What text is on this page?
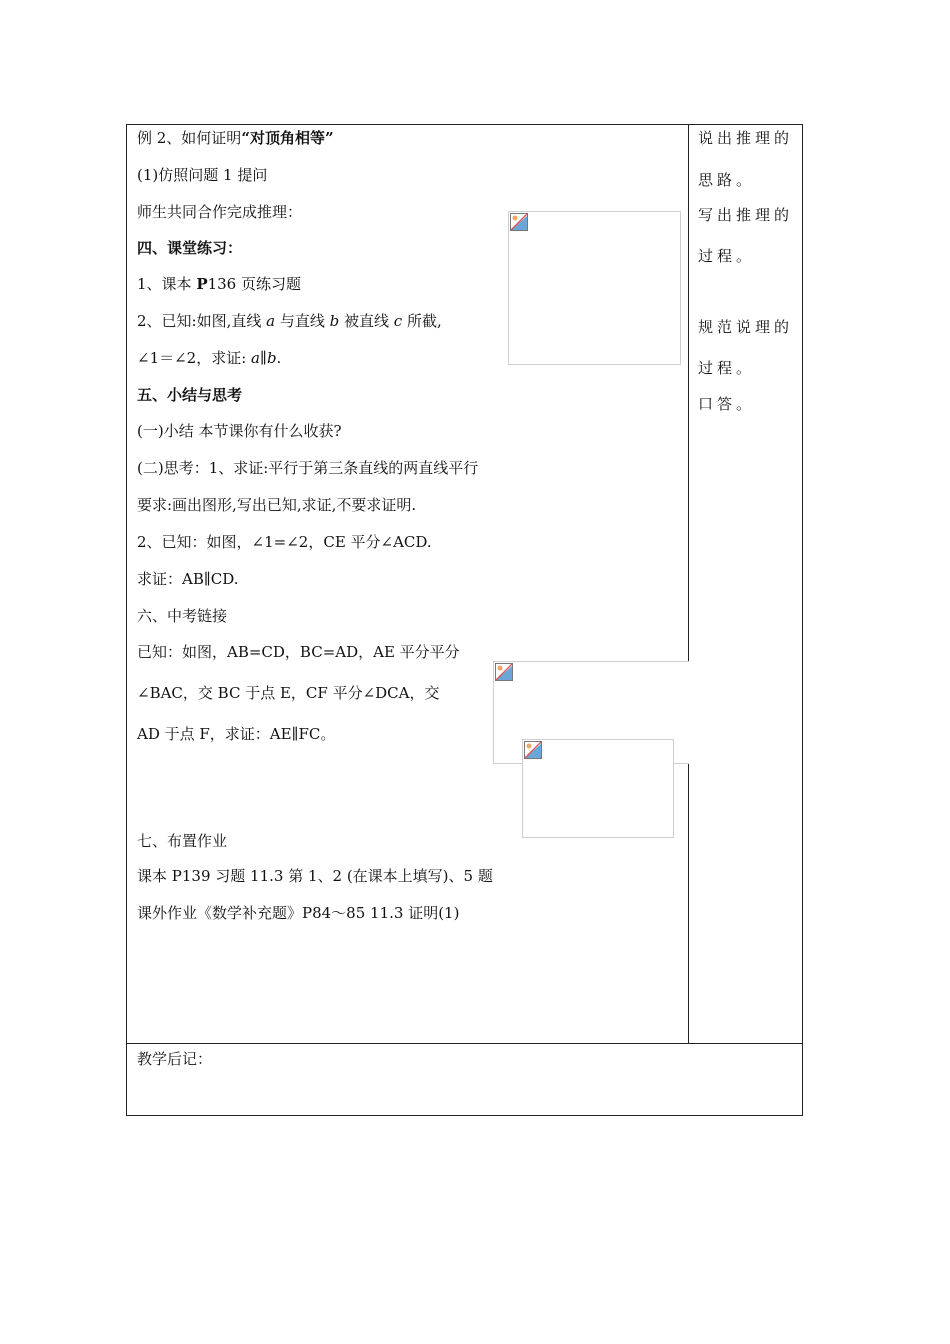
例 2、如何证明“对顶角相等”
(1)仿照问题 1 提问
师生共同合作完成推理：
四、课堂练习：
1、课本 P136 页练习题
2、已知:如图,直线 a 与直线 b 被直线 c 所截,
∠1＝∠2，求证: a∥b.
五、小结与思考
(一)小结 本节课你有什么收获?
(二)思考：1、求证:平行于第三条直线的两直线平行
要求:画出图形,写出已知,求证,不要求证明.
2、已知：如图，∠1=∠2，CE 平分∠ACD.
求证：AB∥CD.
六、中考链接
已知：如图，AB=CD，BC=AD，AE 平分平分
∠BAC，交 BC 于点 E，CF 平分∠DCA，交
AD 于点 F，求证：AE∥FC。
七、布置作业
课本 P139 习题 11.3 第 1、2 (在课本上填写)、5 题
课外作业《数学补充题》P84～85 11.3 证明(1)
说出推理的
思路。
写出推理的
过程。
规范说理的
过程。
口答。
教学后记：
